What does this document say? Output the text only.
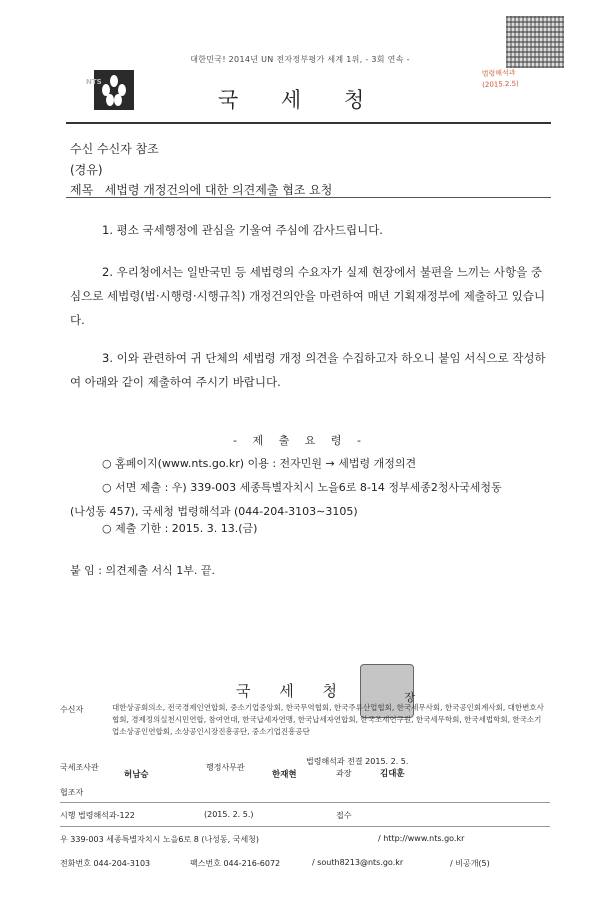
대한민국! 2014년 UN 전자정부평가 세계 1위, - 3회 연속 -
NTS
법령해석과 (2015.2.5)
국 세 청
수신 수신자 참조
(경유)
제목 세법령 개정건의에 대한 의견제출 협조 요청
1. 평소 국세행정에 관심을 기울여 주심에 감사드립니다.
2. 우리청에서는 일반국민 등 세법령의 수요자가 실제 현장에서 불편을 느끼는 사항을 중심으로 세법령(법·시행령·시행규칙) 개정건의안을 마련하여 매년 기획재정부에 제출하고 있습니다.
3. 이와 관련하여 귀 단체의 세법령 개정 의견을 수집하고자 하오니 붙임 서식으로 작성하여 아래와 같이 제출하여 주시기 바랍니다.
- 제 출 요 령 -
○ 홈페이지(www.nts.go.kr) 이용 : 전자민원 → 세법령 개정의견
○ 서면 제출 : 우) 339-003 세종특별자치시 노을6로 8-14 정부세종2청사국세청동
(나성동 457), 국세청 법령해석과 (044-204-3103∼3105)
○ 제출 기한 : 2015. 3. 13.(금)
붙 임 : 의견제출 서식 1부. 끝.
국 세 청	장
수신자	대한상공회의소, 전국경제인연합회, 중소기업중앙회, 한국무역협회, 한국주류산업협회, 한국세무사회, 한국공인회계사회, 대한변호사협회, 경제정의실천시민연합, 참여연대, 한국납세자연맹, 한국납세자연합회, 한국조세연구원, 한국세무학회, 한국세법학회, 한국소기업소상공인연합회, 소상공인시장진흥공단, 중소기업진흥공단
국세조사관
허남승
행정사무관
한재현
법령해석과 전결 2015. 2. 5.
과장	김대훈
협조자
시행 법령해석과-122	(2015. 2. 5.)	접수
우 339-003 세종특별자치시 노을6로 8 (나성동, 국세청)	/ http://www.nts.go.kr
전화번호 044-204-3103	팩스번호 044-216-6072	/ south8213@nts.go.kr	/ 비공개(5)
